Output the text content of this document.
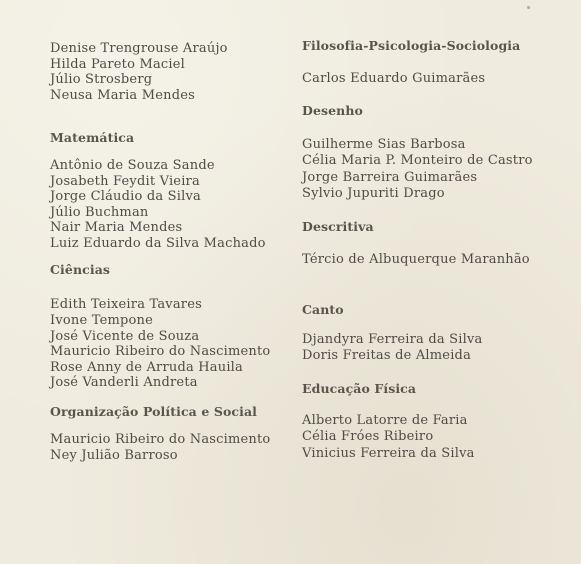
Denise Trengrouse Araújo
Hilda Pareto Maciel
Júlio Strosberg
Neusa Maria Mendes
Matemática
Antônio de Souza Sande
Josabeth Feydit Vieira
Jorge Cláudio da Silva
Júlio Buchman
Nair Maria Mendes
Luiz Eduardo da Silva Machado
Ciências
Edith Teixeira Tavares
Ivone Tempone
José Vicente de Souza
Mauricio Ribeiro do Nascimento
Rose Anny de Arruda Hauila
José Vanderli Andreta
Organização Política e Social
Mauricio Ribeiro do Nascimento
Ney Julião Barroso
Filosofia-Psicologia-Sociologia
Carlos Eduardo Guimarães
Desenho
Guilherme Sias Barbosa
Célia Maria P. Monteiro de Castro
Jorge Barreira Guimarães
Sylvio Jupuriti Drago
Descritiva
Tércio de Albuquerque Maranhão
Canto
Djandyra Ferreira da Silva
Doris Freitas de Almeida
Educação Física
Alberto Latorre de Faria
Célia Fróes Ribeiro
Vinicius Ferreira da Silva
